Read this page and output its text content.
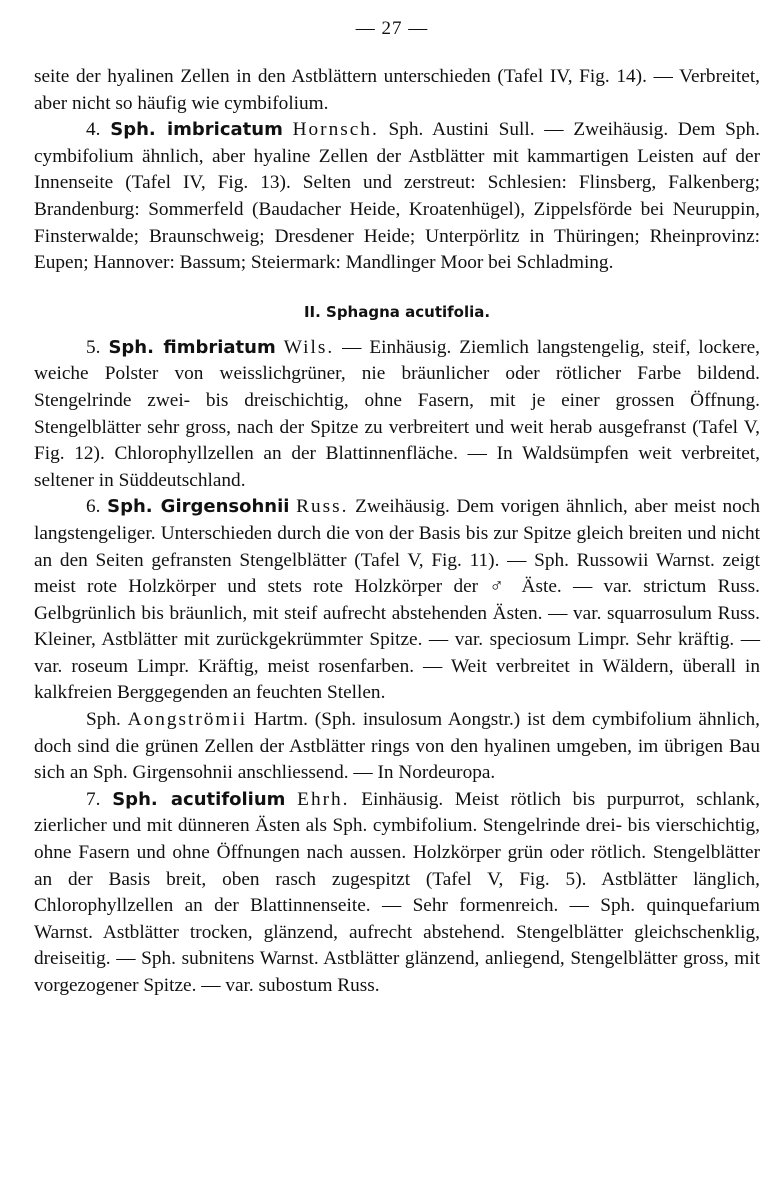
— 27 —

seite der hyalinen Zellen in den Astblättern unterschieden (Tafel IV, Fig. 14). — Verbreitet, aber nicht so häufig wie cymbifolium.

4. Sph. imbricatum Hornsch. Sph. Austini Sull. — Zweihäusig. Dem Sph. cymbifolium ähnlich, aber hyaline Zellen der Astblätter mit kammartigen Leisten auf der Innenseite (Tafel IV, Fig. 13). Selten und zerstreut: Schlesien: Flinsberg, Falkenberg; Brandenburg: Sommerfeld (Baudacher Heide, Kroatenhügel), Zippelsförde bei Neuruppin, Finsterwalde; Braunschweig; Dresdener Heide; Unterpörlitz in Thüringen; Rheinprovinz: Eupen; Hannover: Bassum; Steiermark: Mandlinger Moor bei Schladming.

II. Sphagna acutifolia.

5. Sph. fimbriatum Wils. — Einhäusig. Ziemlich langstengelig, steif, lockere, weiche Polster von weisslichgrüner, nie bräunlicher oder rötlicher Farbe bildend. Stengelrinde zwei- bis dreischichtig, ohne Fasern, mit je einer grossen Öffnung. Stengelblätter sehr gross, nach der Spitze zu verbreitert und weit herab ausgefranst (Tafel V, Fig. 12). Chlorophyllzellen an der Blattinnenfläche. — In Waldsümpfen weit verbreitet, seltener in Süddeutschland.

6. Sph. Girgensohnii Russ. Zweihäusig. Dem vorigen ähnlich, aber meist noch langstengeliger. Unterschieden durch die von der Basis bis zur Spitze gleich breiten und nicht an den Seiten gefransten Stengelblätter (Tafel V, Fig. 11). — Sph. Russowii Warnst. zeigt meist rote Holzkörper und stets rote Holzkörper der ♂ Äste. — var. strictum Russ. Gelbgrünlich bis bräunlich, mit steif aufrecht abstehenden Ästen. — var. squarrosulum Russ. Kleiner, Astblätter mit zurückgekrümmter Spitze. — var. speciosum Limpr. Sehr kräftig. — var. roseum Limpr. Kräftig, meist rosenfarben. — Weit verbreitet in Wäldern, überall in kalkfreien Berggegenden an feuchten Stellen.

Sph. Aongströmii Hartm. (Sph. insulosum Aongstr.) ist dem cymbifolium ähnlich, doch sind die grünen Zellen der Astblätter rings von den hyalinen umgeben, im übrigen Bau sich an Sph. Girgensohnii anschliessend. — In Nordeuropa.

7. Sph. acutifolium Ehrh. Einhäusig. Meist rötlich bis purpurrot, schlank, zierlicher und mit dünneren Ästen als Sph. cymbifolium. Stengelrinde drei- bis vierschichtig, ohne Fasern und ohne Öffnungen nach aussen. Holzkörper grün oder rötlich. Stengelblätter an der Basis breit, oben rasch zugespitzt (Tafel V, Fig. 5). Astblätter länglich, Chlorophyllzellen an der Blattinnenseite. — Sehr formenreich. — Sph. quinquefarium Warnst. Astblätter trocken, glänzend, aufrecht abstehend. Stengelblätter gleichschenklig, dreiseitig. — Sph. subnitens Warnst. Astblätter glänzend, anliegend, Stengelblätter gross, mit vorgezogener Spitze. — var. subostum Russ.
